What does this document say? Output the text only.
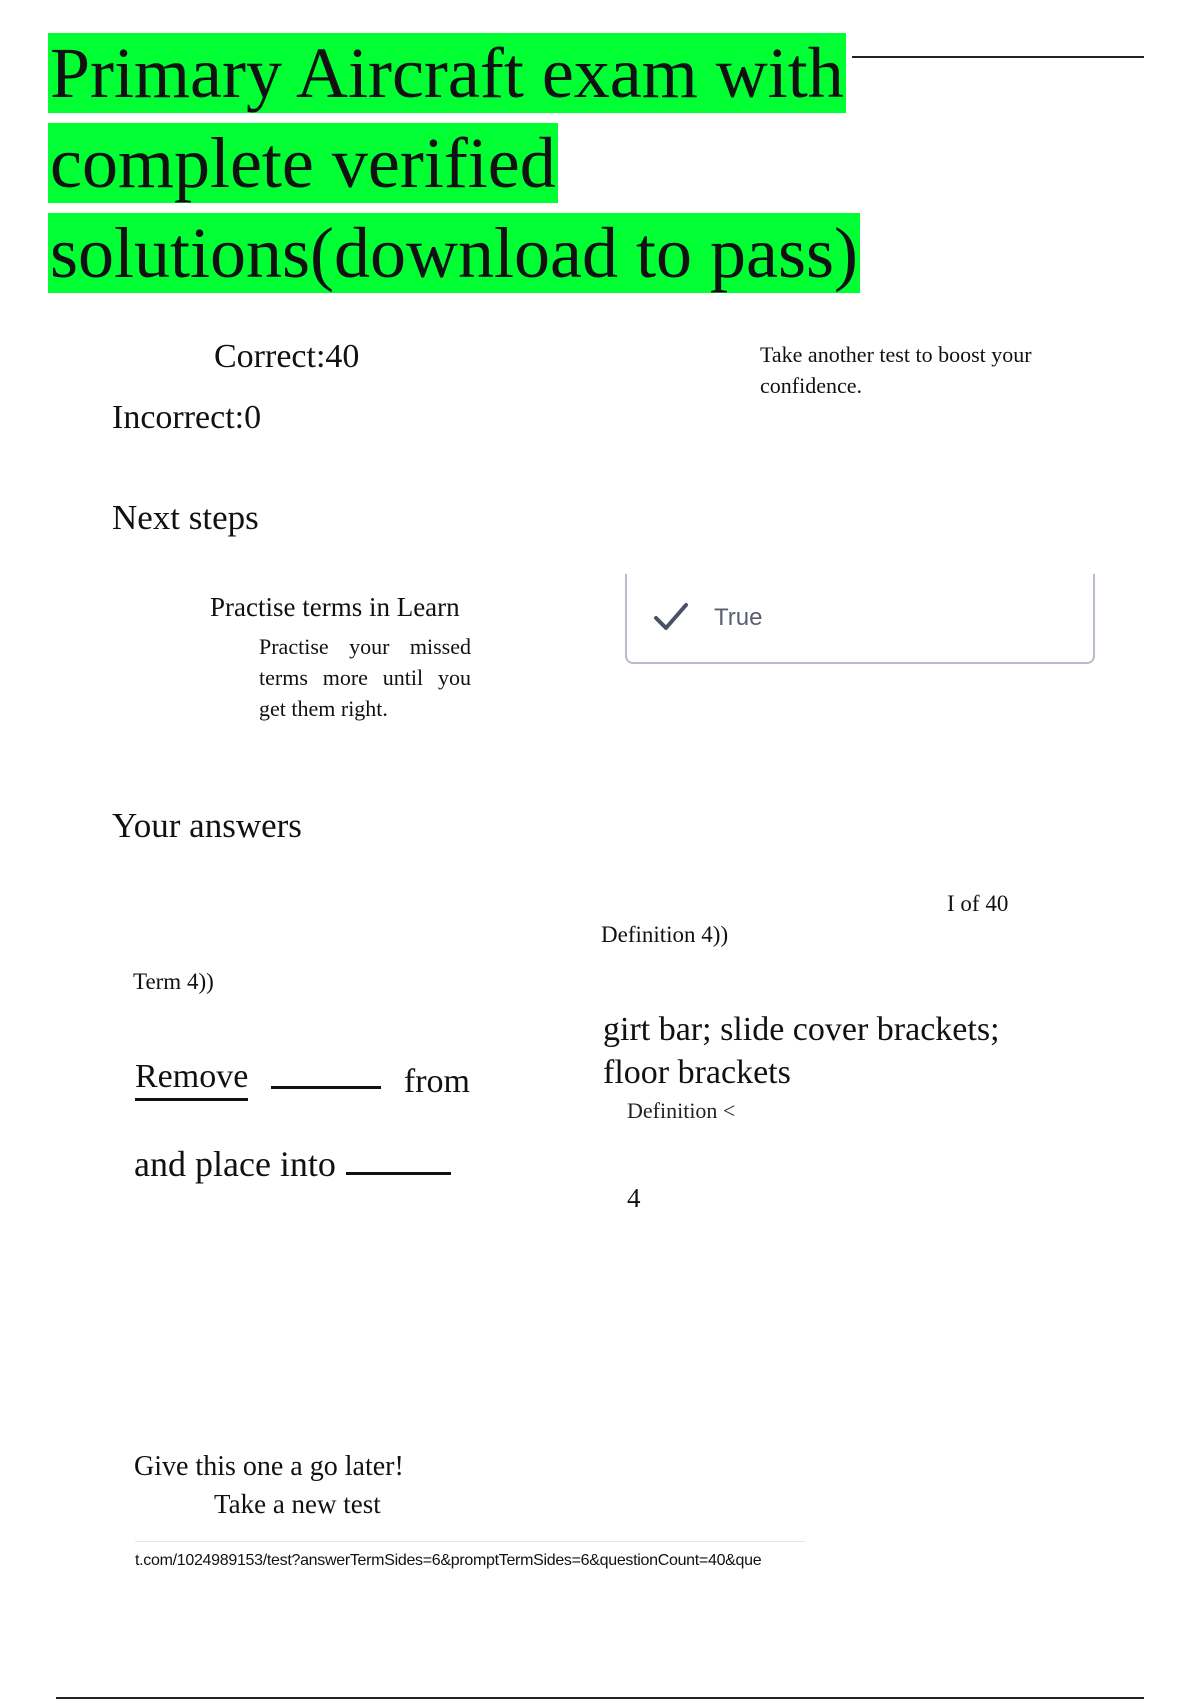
Primary Aircraft exam with
complete verified
solutions(download to pass)
Correct:40
Incorrect:0
Take another test to boost your confidence.
Next steps
Practise terms in Learn
Practise your missed terms more until you get them right.
True
Your answers
I of 40
Definition 4))
Term 4))
Remove	from
and place into
girt bar; slide cover brackets; floor brackets
Definition <
4
Give this one a go later!
Take a new test
t.com/1024989153/test?answerTermSides=6&promptTermSides=6&questionCount=40&que
